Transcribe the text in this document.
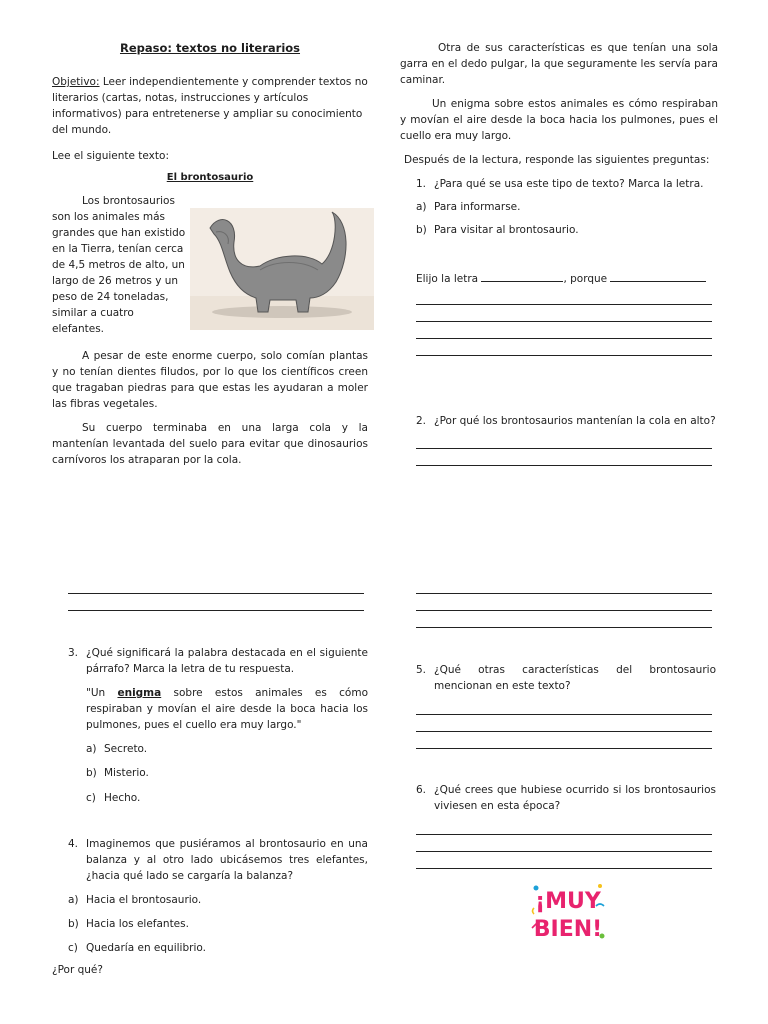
Repaso: textos no literarios
Objetivo: Leer independientemente y comprender textos no literarios (cartas, notas, instrucciones y artículos informativos) para entretenerse y ampliar su conocimiento del mundo.
Lee el siguiente texto:
El brontosaurio
Los brontosaurios son los animales más grandes que han existido en la Tierra, tenían cerca de 4,5 metros de alto, un largo de 26 metros y un peso de 24 toneladas, similar a cuatro elefantes.
A pesar de este enorme cuerpo, solo comían plantas y no tenían dientes filudos, por lo que los científicos creen que tragaban piedras para que estas les ayudaran a moler las fibras vegetales.
Su cuerpo terminaba en una larga cola y la mantenían levantada del suelo para evitar que dinosaurios carnívoros los atraparan por la cola.
3. ¿Qué significará la palabra destacada en el siguiente párrafo? Marca la letra de tu respuesta.
"Un enigma sobre estos animales es cómo respiraban y movían el aire desde la boca hacia los pulmones, pues el cuello era muy largo."
a) Secreto.
b) Misterio.
c) Hecho.
4. Imaginemos que pusiéramos al brontosaurio en una balanza y al otro lado ubicásemos tres elefantes, ¿hacia qué lado se cargaría la balanza?
a) Hacia el brontosaurio.
b) Hacia los elefantes.
c) Quedaría en equilibrio.
¿Por qué?
Otra de sus características es que tenían una sola garra en el dedo pulgar, la que seguramente les servía para caminar.
Un enigma sobre estos animales es cómo respiraban y movían el aire desde la boca hacia los pulmones, pues el cuello era muy largo.
Después de la lectura, responde las siguientes preguntas:
1. ¿Para qué se usa este tipo de texto? Marca la letra.
a) Para informarse.
b) Para visitar al brontosaurio.
Elijo la letra	, porque
2. ¿Por qué los brontosaurios mantenían la cola en alto?
5. ¿Qué otras características del brontosaurio mencionan en este texto?
6. ¿Qué crees que hubiese ocurrido si los brontosaurios viviesen en esta época?
¡MUY
BIEN!
